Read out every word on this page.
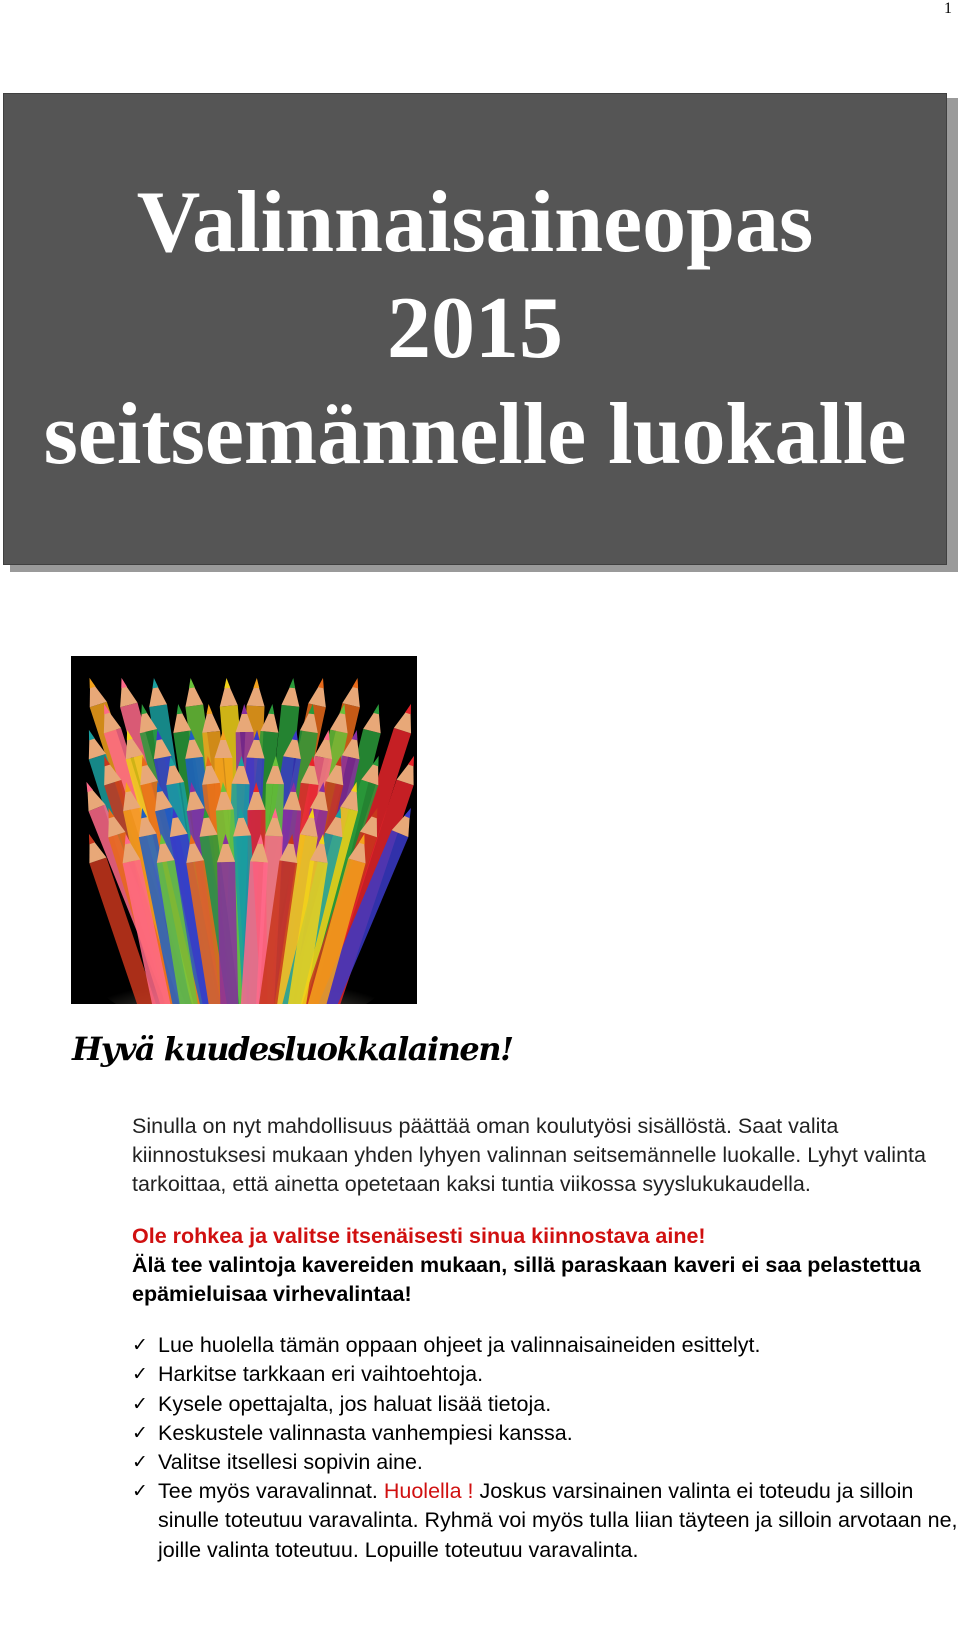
1
Valinnaisaineopas
2015
seitsemännelle luokalle
Hyvä kuudesluokkalainen!

Sinulla on nyt mahdollisuus päättää oman koulutyösi sisällöstä. Saat valita kiinnostuksesi mukaan yhden lyhyen valinnan seitsemännelle luokalle. Lyhyt valinta tarkoittaa, että ainetta opetetaan kaksi tuntia viikossa syyslukukaudella.

Ole rohkea ja valitse itsenäisesti sinua kiinnostava aine!

Älä tee valintoja kavereiden mukaan, sillä paraskaan kaveri ei saa pelastettua epämieluisaa virhevalintaa!

✓ Lue huolella tämän oppaan ohjeet ja valinnaisaineiden esittelyt.
✓ Harkitse tarkkaan eri vaihtoehtoja.
✓ Kysele opettajalta, jos haluat lisää tietoja.
✓ Keskustele valinnasta vanhempiesi kanssa.
✓ Valitse itsellesi sopivin aine.
✓ Tee myös varavalinnat. Huolella ! Joskus varsinainen valinta ei toteudu ja silloin sinulle toteutuu varavalinta. Ryhmä voi myös tulla liian täyteen ja silloin arvotaan ne, joille valinta toteutuu. Lopuille toteutuu varavalinta.
